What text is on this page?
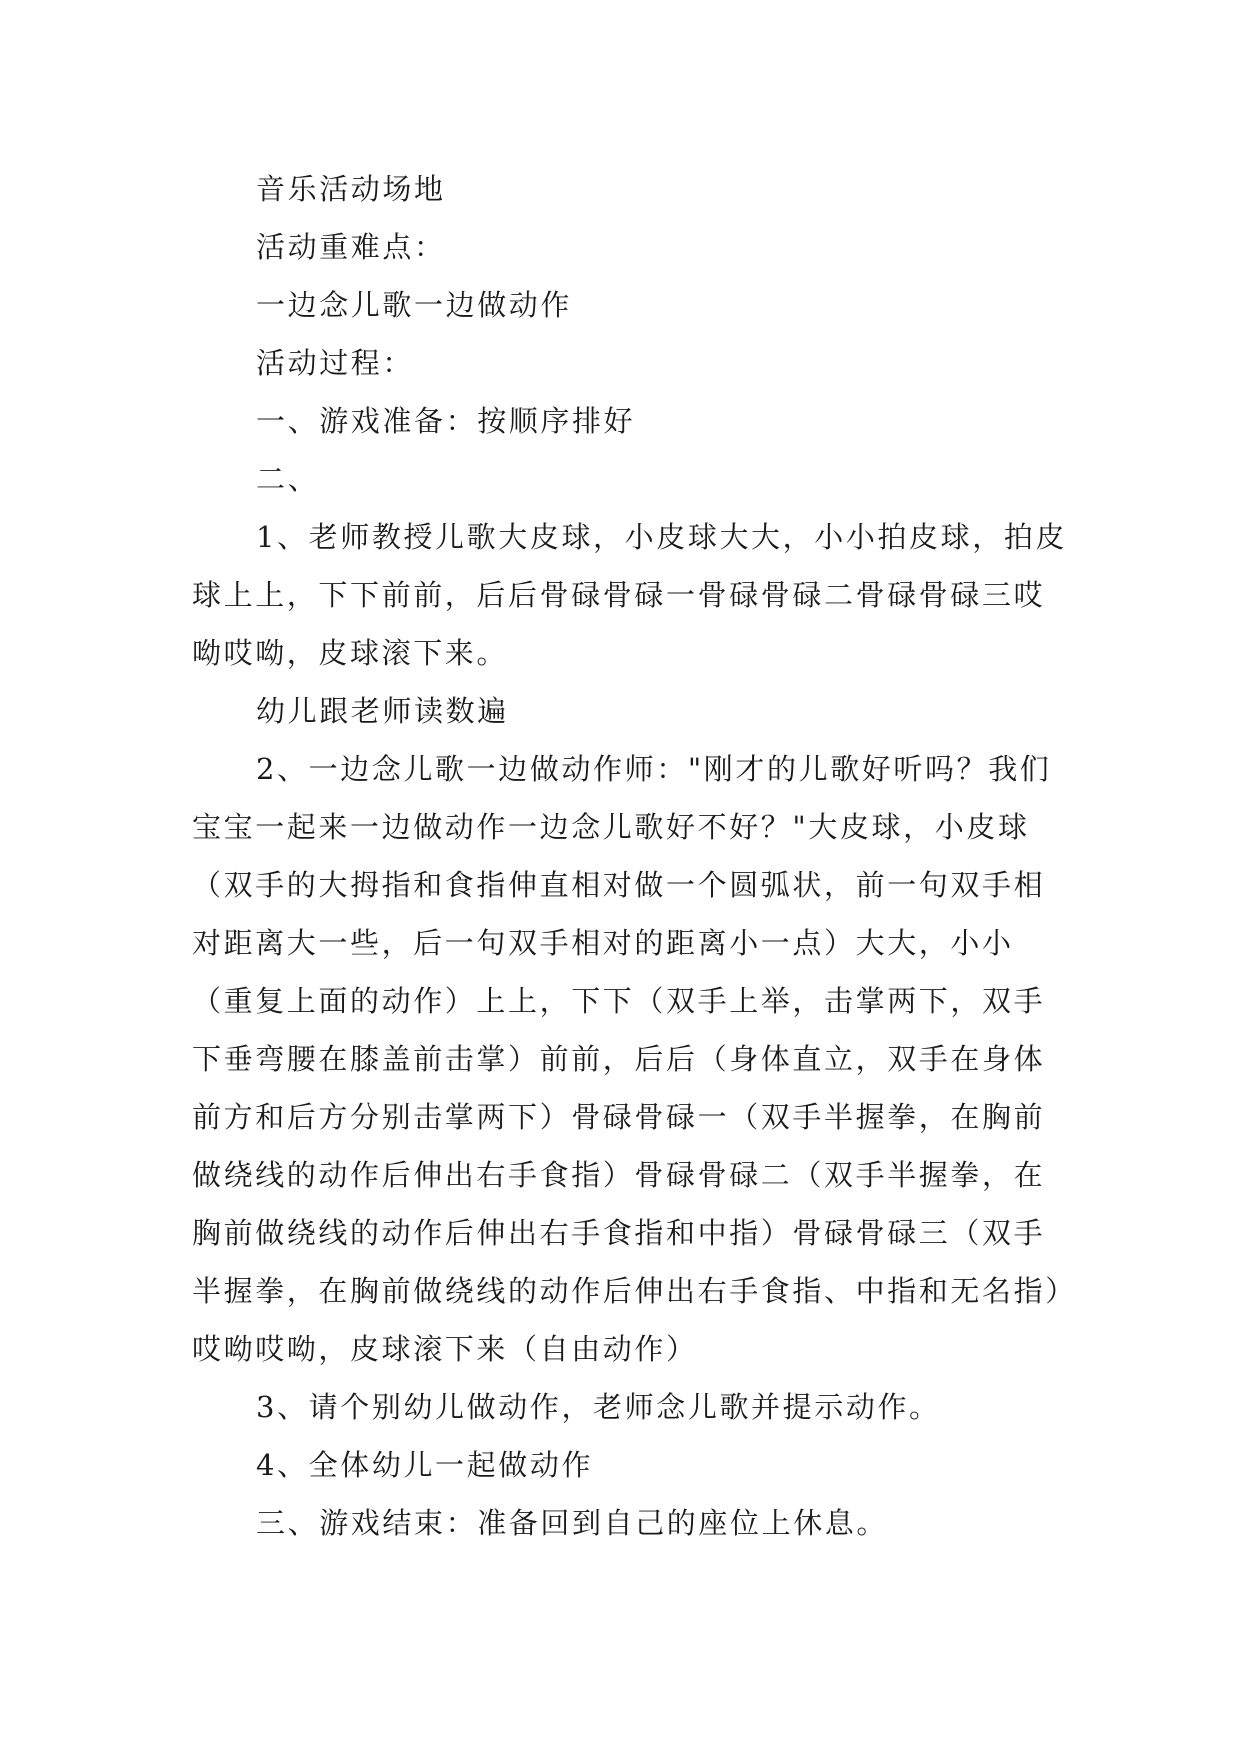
音乐活动场地

活动重难点：

一边念儿歌一边做动作

活动过程：

一、游戏准备：按顺序排好

二、

1、老师教授儿歌大皮球，小皮球大大，小小拍皮球，拍皮球上上，下下前前，后后骨碌骨碌一骨碌骨碌二骨碌骨碌三哎呦哎呦，皮球滚下来。

幼儿跟老师读数遍

2、一边念儿歌一边做动作师："刚才的儿歌好听吗？我们宝宝一起来一边做动作一边念儿歌好不好？"大皮球，小皮球（双手的大拇指和食指伸直相对做一个圆弧状，前一句双手相对距离大一些，后一句双手相对的距离小一点）大大，小小（重复上面的动作）上上，下下（双手上举，击掌两下，双手下垂弯腰在膝盖前击掌）前前，后后（身体直立，双手在身体前方和后方分别击掌两下）骨碌骨碌一（双手半握拳，在胸前做绕线的动作后伸出右手食指）骨碌骨碌二（双手半握拳，在胸前做绕线的动作后伸出右手食指和中指）骨碌骨碌三（双手半握拳，在胸前做绕线的动作后伸出右手食指、中指和无名指）哎呦哎呦，皮球滚下来（自由动作）

3、请个别幼儿做动作，老师念儿歌并提示动作。

4、全体幼儿一起做动作

三、游戏结束：准备回到自己的座位上休息。
